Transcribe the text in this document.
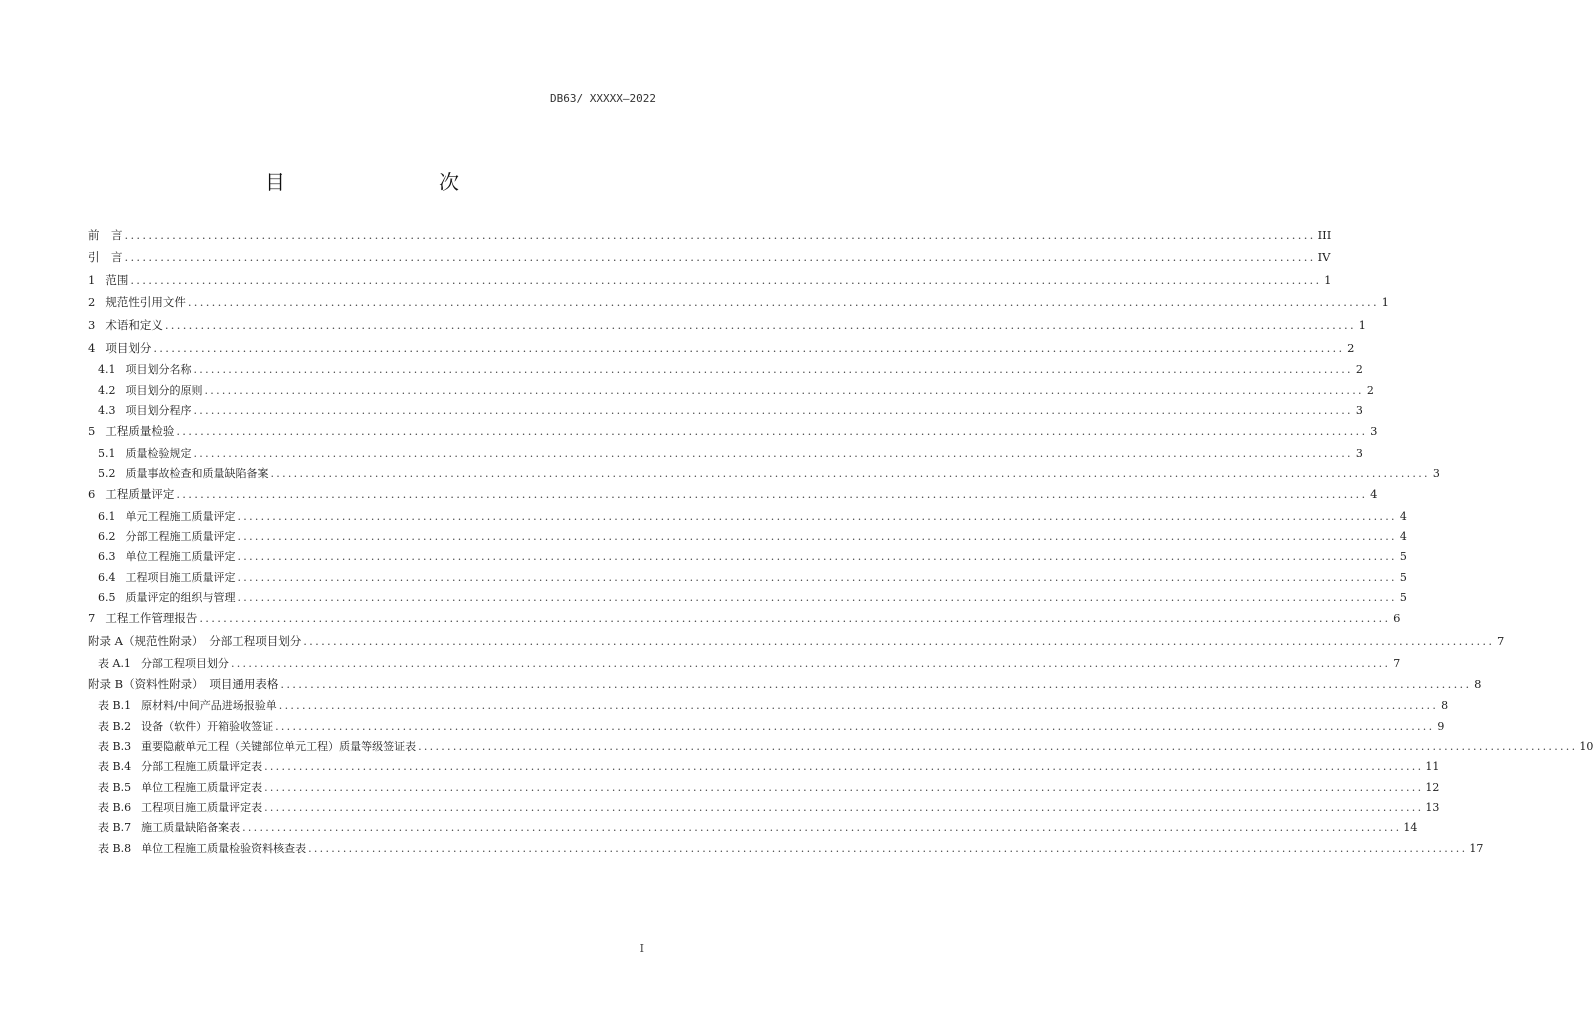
DB63/ XXXXX—2022
目　　次
前　言 ........................................................................................................................................................................................................ III
引　言 ........................................................................................................................................................................................................ IV
1 范围 ........................................................................................................................................................................................................ 1
2 规范性引用文件 ........................................................................................................................................................................................................ 1
3 术语和定义 ........................................................................................................................................................................................................ 1
4 项目划分 ........................................................................................................................................................................................................ 2
4.1 项目划分名称 ........................................................................................................................................................................................................ 2
4.2 项目划分的原则 ........................................................................................................................................................................................................ 2
4.3 项目划分程序 ........................................................................................................................................................................................................ 3
5 工程质量检验 ........................................................................................................................................................................................................ 3
5.1 质量检验规定 ........................................................................................................................................................................................................ 3
5.2 质量事故检查和质量缺陷备案 ........................................................................................................................................................................................................ 3
6 工程质量评定 ........................................................................................................................................................................................................ 4
6.1 单元工程施工质量评定 ........................................................................................................................................................................................................ 4
6.2 分部工程施工质量评定 ........................................................................................................................................................................................................ 4
6.3 单位工程施工质量评定 ........................................................................................................................................................................................................ 5
6.4 工程项目施工质量评定 ........................................................................................................................................................................................................ 5
6.5 质量评定的组织与管理 ........................................................................................................................................................................................................ 5
7 工程工作管理报告 ........................................................................................................................................................................................................ 6
附录 A（规范性附录）　分部工程项目划分 ........................................................................................................................................................................................................ 7
表 A.1 分部工程项目划分 ........................................................................................................................................................................................................ 7
附录 B（资料性附录）　项目通用表格 ........................................................................................................................................................................................................ 8
表 B.1 原材料/中间产品进场报验单 ........................................................................................................................................................................................................ 8
表 B.2 设备（软件）开箱验收签证 ........................................................................................................................................................................................................ 9
表 B.3 重要隐蔽单元工程（关键部位单元工程）质量等级签证表 ........................................................................................................................................................................................................ 10
表 B.4 分部工程施工质量评定表 ........................................................................................................................................................................................................ 11
表 B.5 单位工程施工质量评定表 ........................................................................................................................................................................................................ 12
表 B.6 工程项目施工质量评定表 ........................................................................................................................................................................................................ 13
表 B.7 施工质量缺陷备案表 ........................................................................................................................................................................................................ 14
表 B.8 单位工程施工质量检验资料核查表 ........................................................................................................................................................................................................ 17
I
